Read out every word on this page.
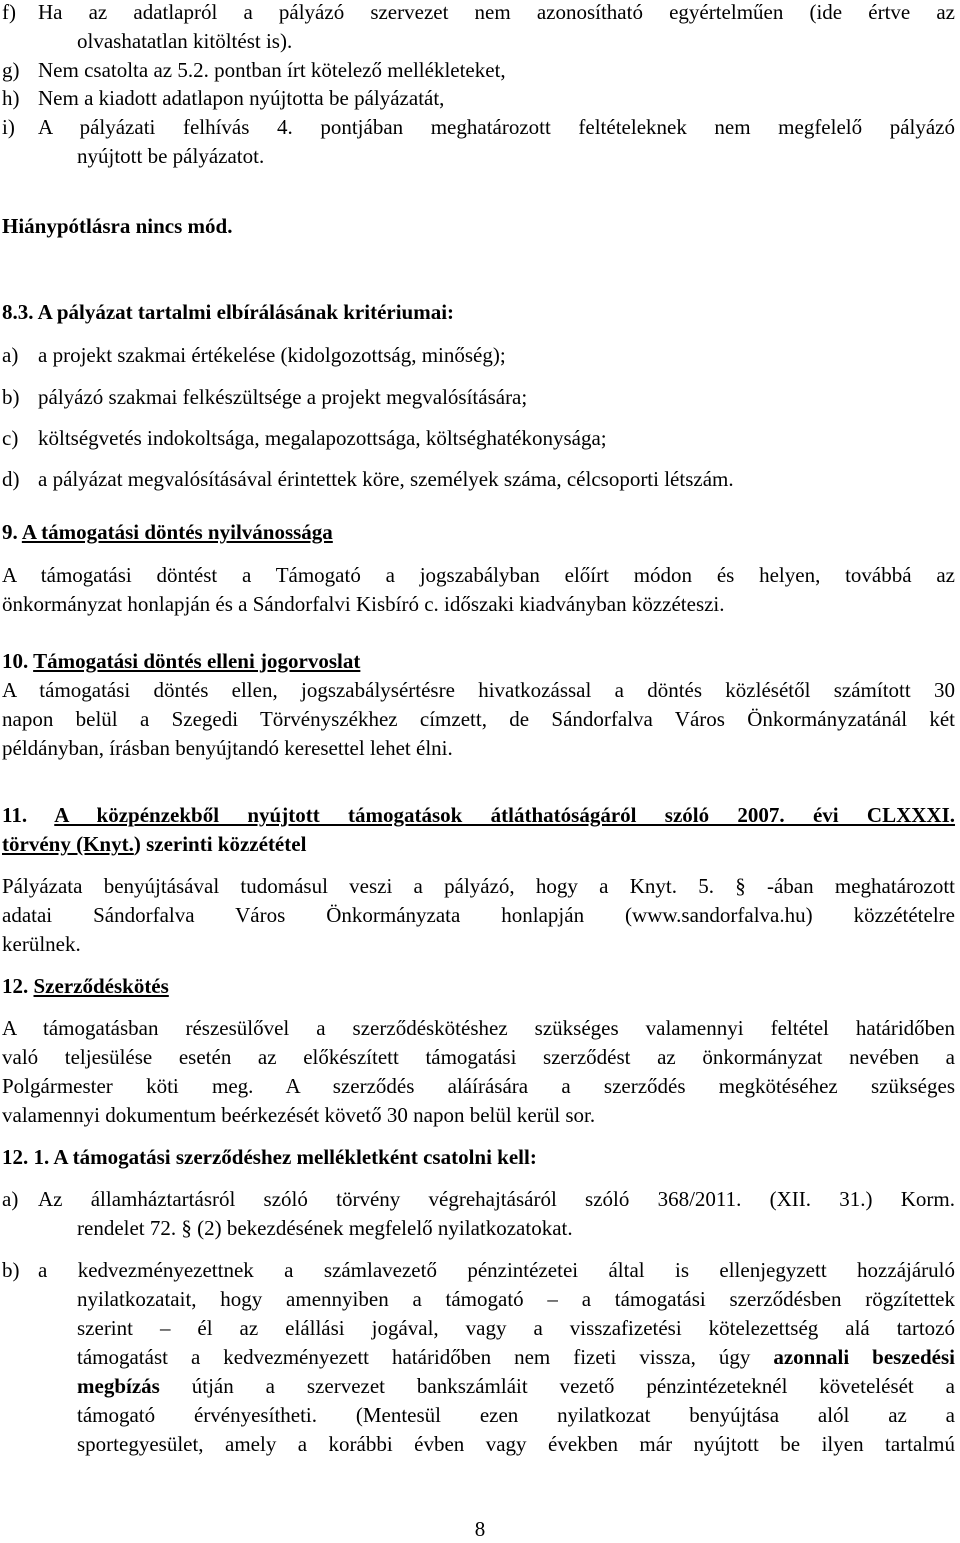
f) Ha az adatlapról a pályázó szervezet nem azonosítható egyértelműen (ide értve az
olvashatatlan kitöltést is).
g) Nem csatolta az 5.2. pontban írt kötelező mellékleteket,
h) Nem a kiadott adatlapon nyújtotta be pályázatát,
i) A pályázati felhívás 4. pontjában meghatározott feltételeknek nem megfelelő pályázó
nyújtott be pályázatot.
Hiánypótlásra nincs mód.
8.3. A pályázat tartalmi elbírálásának kritériumai:
a) a projekt szakmai értékelése (kidolgozottság, minőség);
b) pályázó szakmai felkészültsége a projekt megvalósítására;
c) költségvetés indokoltsága, megalapozottsága, költséghatékonysága;
d) a pályázat megvalósításával érintettek köre, személyek száma, célcsoporti létszám.
9. A támogatási döntés nyilvánossága
A támogatási döntést a Támogató a jogszabályban előírt módon és helyen, továbbá az
önkormányzat honlapján és a Sándorfalvi Kisbíró c. időszaki kiadványban közzéteszi.
10. Támogatási döntés elleni jogorvoslat
A támogatási döntés ellen, jogszabálysértésre hivatkozással a döntés közlésétől számított 30
napon belül a Szegedi Törvényszékhez címzett, de Sándorfalva Város Önkormányzatánál két
példányban, írásban benyújtandó keresettel lehet élni.
11. A közpénzekből nyújtott támogatások átláthatóságáról szóló 2007. évi CLXXXI.
törvény (Knyt.) szerinti közzététel
Pályázata benyújtásával tudomásul veszi a pályázó, hogy a Knyt. 5. § -ában meghatározott
adatai Sándorfalva Város Önkormányzata honlapján (www.sandorfalva.hu) közzétételre
kerülnek.
12. Szerződéskötés
A támogatásban részesülővel a szerződéskötéshez szükséges valamennyi feltétel határidőben
való teljesülése esetén az előkészített támogatási szerződést az önkormányzat nevében a
Polgármester köti meg. A szerződés aláírására a szerződés megkötéséhez szükséges
valamennyi dokumentum beérkezését követő 30 napon belül kerül sor.
12. 1. A támogatási szerződéshez mellékletként csatolni kell:
a) Az államháztartásról szóló törvény végrehajtásáról szóló 368/2011. (XII. 31.) Korm.
rendelet 72. § (2) bekezdésének megfelelő nyilatkozatokat.
b) a kedvezményezettnek a számlavezető pénzintézetei által is ellenjegyzett hozzájáruló
nyilatkozatait, hogy amennyiben a támogató – a támogatási szerződésben rögzítettek
szerint – él az elállási jogával, vagy a visszafizetési kötelezettség alá tartozó
támogatást a kedvezményezett határidőben nem fizeti vissza, úgy azonnali beszedési
megbízás útján a szervezet bankszámláit vezető pénzintézeteknél követelését a
támogató érvényesítheti. (Mentesül ezen nyilatkozat benyújtása alól az a
sportegyesület, amely a korábbi évben vagy években már nyújtott be ilyen tartalmú
8
